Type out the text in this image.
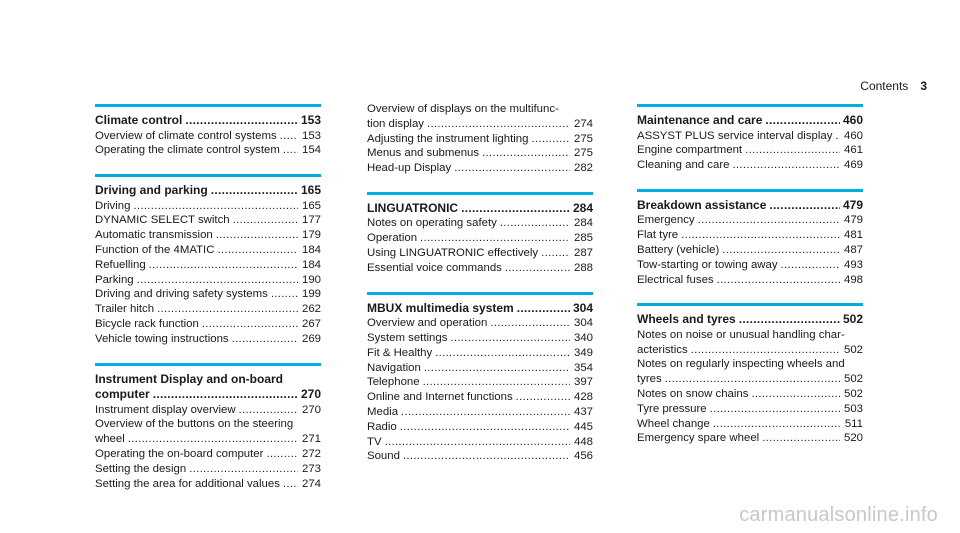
Contents 3
Climate control .....	153
Overview of climate control systems ..... 153
Operating the climate control system ..... 154
Driving and parking .....	165
Driving .....	165
DYNAMIC SELECT switch .....	177
Automatic transmission .....	179
Function of the 4MATIC .....	184
Refuelling .....	184
Parking .....	190
Driving and driving safety systems .....	199
Trailer hitch .....	262
Bicycle rack function .....	267
Vehicle towing instructions .....	269
Instrument Display and on-board
computer .....	270
Instrument display overview .....	270
Overview of the buttons on the steering
wheel .....	271
Operating the on-board computer .....	272
Setting the design .....	273
Setting the area for additional values ..... 274
Overview of displays on the multifunc-
tion display .....	274
Adjusting the instrument lighting .....	275
Menus and submenus .....	275
Head-up Display .....	282
LINGUATRONIC .....	284
Notes on operating safety .....	284
Operation .....	285
Using LINGUATRONIC effectively .....	287
Essential voice commands .....	288
MBUX multimedia system .....	304
Overview and operation .....	304
System settings .....	340
Fit & Healthy .....	349
Navigation .....	354
Telephone .....	397
Online and Internet functions .....	428
Media .....	437
Radio .....	445
TV .....	448
Sound .....	456
Maintenance and care .....	460
ASSYST PLUS service interval display ..... 460
Engine compartment .....	461
Cleaning and care .....	469
Breakdown assistance .....	479
Emergency .....	479
Flat tyre .....	481
Battery (vehicle) .....	487
Tow-starting or towing away .....	493
Electrical fuses .....	498
Wheels and tyres .....	502
Notes on noise or unusual handling char-
acteristics .....	502
Notes on regularly inspecting wheels and
tyres .....	502
Notes on snow chains .....	502
Tyre pressure .....	503
Wheel change .....	511
Emergency spare wheel .....	520
carmanualsonline.info
